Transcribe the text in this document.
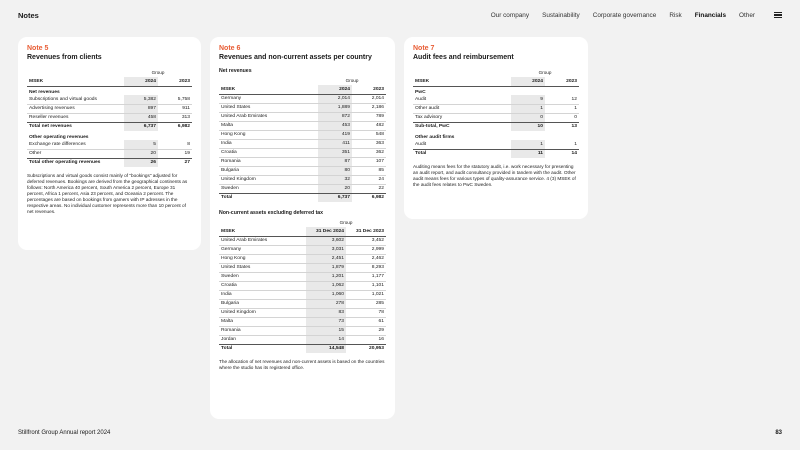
Notes	Our company Sustainability Corporate governance Risk Financials Other
Note 5
Revenues from clients
	Group	
MSEK	2024	2023
Net revenues		
Subscriptions and virtual goods	5,382	5,758
Advertising revenues	897	911
Reseller revenues	458	313
Total net revenues	6,737	6,982
Other operating revenues		
Exchange rate differences	5	8
Other	20	19
Total other operating revenues	26	27
Subscriptions and virtual goods consist mainly of "bookings" adjusted for deferred revenues. Bookings are derived from the geographical continents as follows: North America 40 percent, South America 2 percent, Europe 31 percent, Africa 1 percent, Asia 23 percent, and Oceania 2 percent. The percentages are based on bookings from gamers with IP adresses in the respective areas. No individual customer represents more than 10 percent of net revenues.
Note 6
Revenues and non-current assets per country
Net revenues
	Group	
MSEK	2024	2023
Germany	2,014	2,014
United States	1,889	2,186
United Arab Emirates	872	789
Malta	453	482
Hong Kong	419	548
India	411	363
Croatia	351	362
Romania	87	107
Bulgaria	80	85
United Kingdom	32	24
Sweden	20	22
Total	6,737	6,982
Non-current assets excluding deferred tax
	Group	
MSEK	31 Dec 2024	31 Dec 2023
United Arab Emirates	3,602	3,452
Germany	3,031	2,999
Hong Kong	2,451	2,462
United States	1,879	8,293
Sweden	1,201	1,177
Croatia	1,062	1,101
India	1,060	1,021
Bulgaria	278	285
United Kingdom	83	78
Malta	73	61
Romania	15	29
Jordan	14	16
Total	14,548	20,953
The allocation of net revenues and non-current assets is based on the countries where the studio has its registered office.
Note 7
Audit fees and reimbursement
	Group	
MSEK	2024	2023
PwC		
Audit	9	12
Other audit	1	1
Tax advisory	0	0
Sub-total, PwC	10	13
Other audit firms		
Audit	1	1
Total	11	14
Auditing means fees for the statutory audit, i.e. work necessary for presenting an audit report, and audit consultancy provided in tandem with the audit. Other audit means fees for various types of quality-assurance service. 4 (3) MSEK of the audit fees relates to PwC Sweden.
Stillfront Group Annual report 2024	83
